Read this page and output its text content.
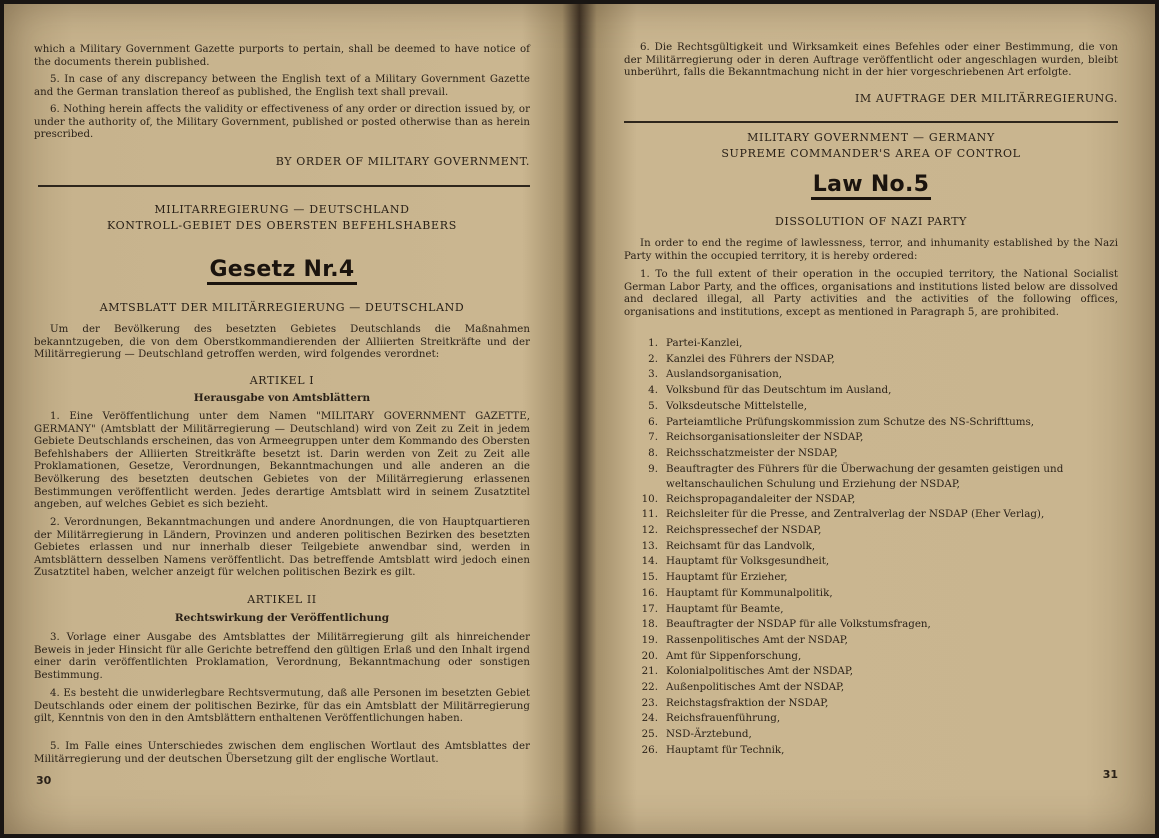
which a Military Government Gazette purports to pertain, shall be deemed to have notice of the documents therein published.

5. In case of any discrepancy between the English text of a Military Government Gazette and the German translation thereof as published, the English text shall prevail.

6. Nothing herein affects the validity or effectiveness of any order or direction issued by, or under the authority of, the Military Government, published or posted otherwise than as herein prescribed.

BY ORDER OF MILITARY GOVERNMENT.
MILITARREGIERUNG — DEUTSCHLAND
KONTROLL-GEBIET DES OBERSTEN BEFEHLSHABERS
Gesetz Nr.4
AMTSBLATT DER MILITÄRREGIERUNG — DEUTSCHLAND

Um der Bevölkerung des besetzten Gebietes Deutschlands die Maßnahmen bekanntzugeben, die von dem Oberstkommandierenden der Alliierten Streitkräfte und der Militärregierung — Deutschland getroffen werden, wird folgendes verordnet:

ARTIKEL I
Herausgabe von Amtsblättern

1. Eine Veröffentlichung unter dem Namen "MILITARY GOVERNMENT GAZETTE, GERMANY" (Amtsblatt der Militärregierung — Deutschland) wird von Zeit zu Zeit in jedem Gebiete Deutschlands erscheinen, das von Armeegruppen unter dem Kommando des Obersten Befehlshabers der Alliierten Streitkräfte besetzt ist. Darin werden von Zeit zu Zeit alle Proklamationen, Gesetze, Verordnungen, Bekanntmachungen und alle anderen an die Bevölkerung des besetzten deutschen Gebietes von der Militärregierung erlassenen Bestimmungen veröffentlicht werden. Jedes derartige Amtsblatt wird in seinem Zusatztitel angeben, auf welches Gebiet es sich bezieht.

2. Verordnungen, Bekanntmachungen und andere Anordnungen, die von Hauptquartieren der Militärregierung in Ländern, Provinzen und anderen politischen Bezirken des besetzten Gebietes erlassen und nur innerhalb dieser Teilgebiete anwendbar sind, werden in Amtsblättern desselben Namens veröffentlicht. Das betreffende Amtsblatt wird jedoch einen Zusatztitel haben, welcher anzeigt für welchen politischen Bezirk es gilt.

ARTIKEL II
Rechtswirkung der Veröffentlichung

3. Vorlage einer Ausgabe des Amtsblattes der Militärregierung gilt als hinreichender Beweis in jeder Hinsicht für alle Gerichte betreffend den gültigen Erlaß und den Inhalt irgend einer darin veröffentlichten Proklamation, Verordnung, Bekanntmachung oder sonstigen Bestimmung.

4. Es besteht die unwiderlegbare Rechtsvermutung, daß alle Personen im besetzten Gebiet Deutschlands oder einem der politischen Bezirke, für das ein Amtsblatt der Militärregierung gilt, Kenntnis von den in den Amtsblättern enthaltenen Veröffentlichungen haben.

5. Im Falle eines Unterschiedes zwischen dem englischen Wortlaut des Amtsblattes der Militärregierung und der deutschen Übersetzung gilt der englische Wortlaut.

30

6. Die Rechtsgültigkeit und Wirksamkeit eines Befehles oder einer Bestimmung, die von der Militärregierung oder in deren Auftrage veröffentlicht oder angeschlagen wurden, bleibt unberührt, falls die Bekanntmachung nicht in der hier vorgeschriebenen Art erfolgte.

IM AUFTRAGE DER MILITÄRREGIERUNG.
MILITARY GOVERNMENT — GERMANY
SUPREME COMMANDER'S AREA OF CONTROL
Law No.5
DISSOLUTION OF NAZI PARTY

In order to end the regime of lawlessness, terror, and inhumanity established by the Nazi Party within the occupied territory, it is hereby ordered:

1. To the full extent of their operation in the occupied territory, the National Socialist German Labor Party, and the offices, organisations and institutions listed below are dissolved and declared illegal, all Party activities and the activities of the following offices, organisations and institutions, except as mentioned in Paragraph 5, are prohibited.

1. Partei-Kanzlei,
2. Kanzlei des Führers der NSDAP,
3. Auslandsorganisation,
4. Volksbund für das Deutschtum im Ausland,
5. Volksdeutsche Mittelstelle,
6. Parteiamtliche Prüfungskommission zum Schutze des NS-Schrifttums,
7. Reichsorganisationsleiter der NSDAP,
8. Reichsschatzmeister der NSDAP,
9. Beauftragter des Führers für die Überwachung der gesamten geistigen und weltanschaulichen Schulung und Erziehung der NSDAP,
10. Reichspropagandaleiter der NSDAP,
11. Reichsleiter für die Presse, and Zentralverlag der NSDAP (Eher Verlag),
12. Reichspressechef der NSDAP,
13. Reichsamt für das Landvolk,
14. Hauptamt für Volksgesundheit,
15. Hauptamt für Erzieher,
16. Hauptamt für Kommunalpolitik,
17. Hauptamt für Beamte,
18. Beauftragter der NSDAP für alle Volkstumsfragen,
19. Rassenpolitisches Amt der NSDAP,
20. Amt für Sippenforschung,
21. Kolonialpolitisches Amt der NSDAP,
22. Außenpolitisches Amt der NSDAP,
23. Reichstagsfraktion der NSDAP,
24. Reichsfrauenführung,
25. NSD-Ärztebund,
26. Hauptamt für Technik,
31
